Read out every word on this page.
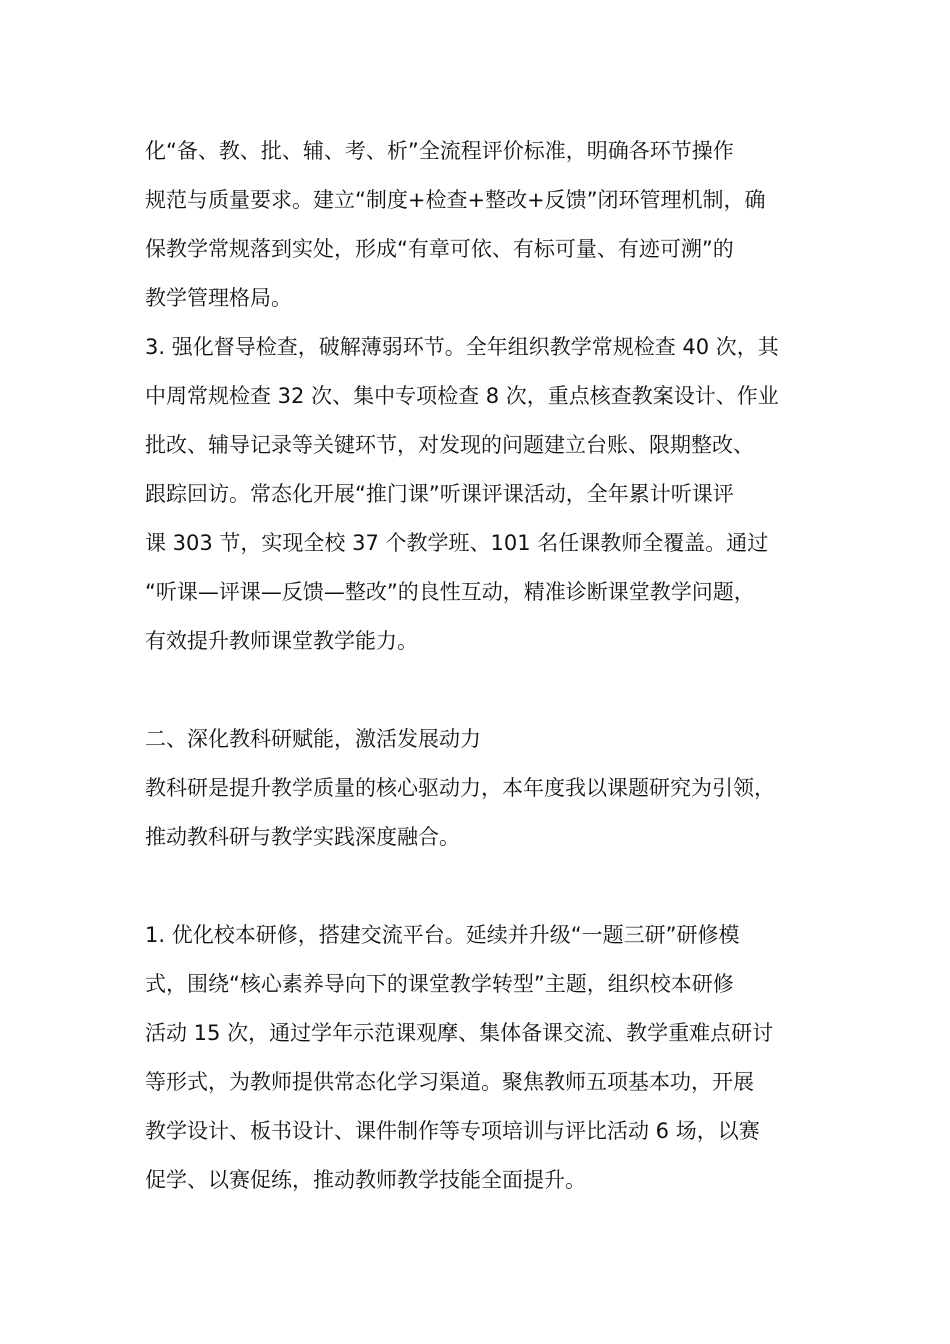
化“备、教、批、辅、考、析”全流程评价标准，明确各环节操作
规范与质量要求。建立“制度+检查+整改+反馈”闭环管理机制，确
保教学常规落到实处，形成“有章可依、有标可量、有迹可溯”的
教学管理格局。
3. 强化督导检查，破解薄弱环节。全年组织教学常规检查 40 次，其
中周常规检查 32 次、集中专项检查 8 次，重点核查教案设计、作业
批改、辅导记录等关键环节，对发现的问题建立台账、限期整改、
跟踪回访。常态化开展“推门课”听课评课活动，全年累计听课评
课 303 节，实现全校 37 个教学班、101 名任课教师全覆盖。通过
“听课—评课—反馈—整改”的良性互动，精准诊断课堂教学问题，
有效提升教师课堂教学能力。
二、深化教科研赋能，激活发展动力
教科研是提升教学质量的核心驱动力，本年度我以课题研究为引领，
推动教科研与教学实践深度融合。
1. 优化校本研修，搭建交流平台。延续并升级“一题三研”研修模
式，围绕“核心素养导向下的课堂教学转型”主题，组织校本研修
活动 15 次，通过学年示范课观摩、集体备课交流、教学重难点研讨
等形式，为教师提供常态化学习渠道。聚焦教师五项基本功，开展
教学设计、板书设计、课件制作等专项培训与评比活动 6 场，以赛
促学、以赛促练，推动教师教学技能全面提升。
